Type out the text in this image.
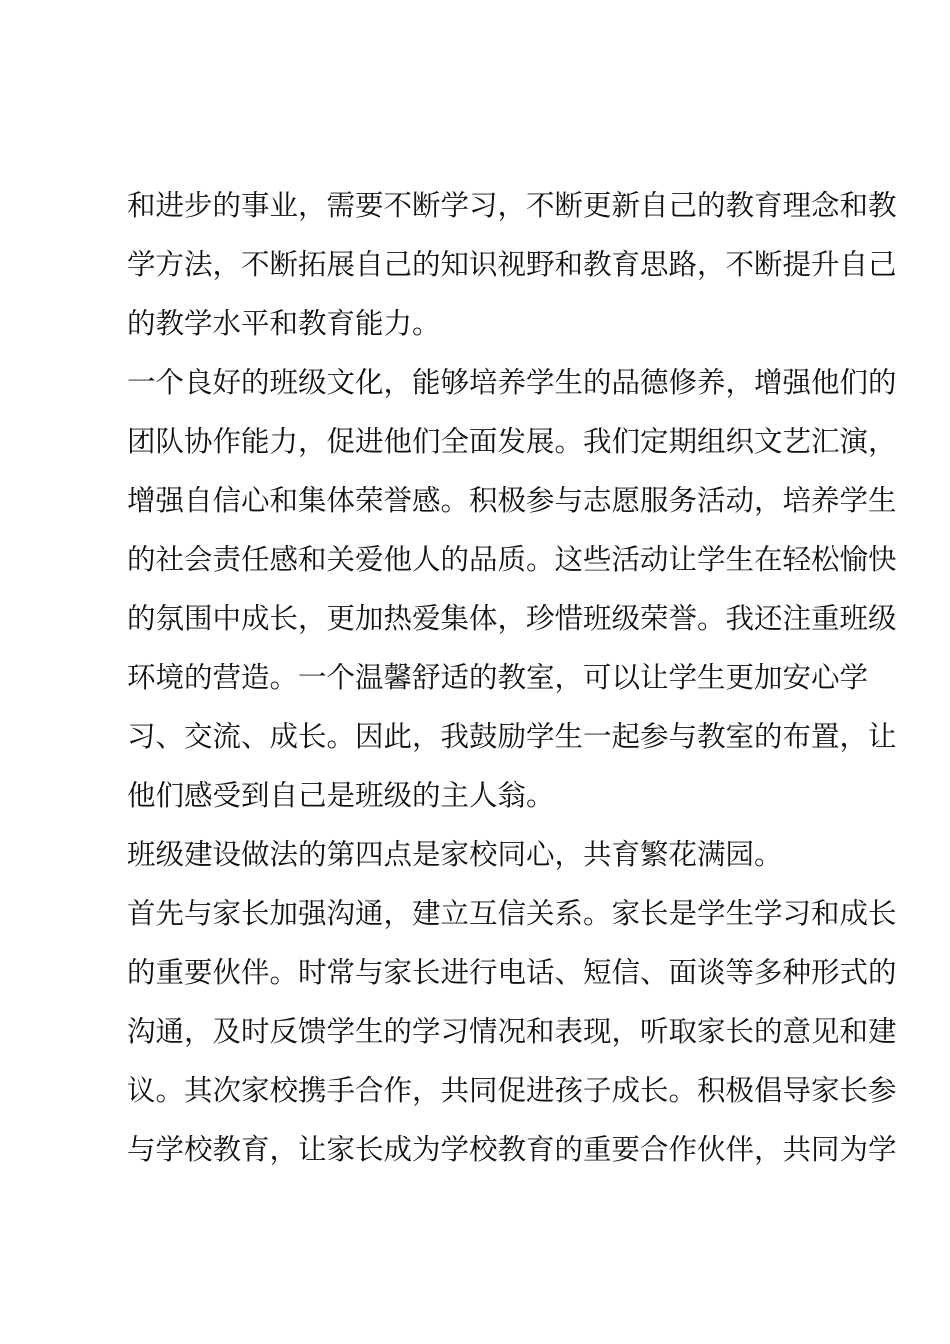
和进步的事业，需要不断学习，不断更新自己的教育理念和教
学方法，不断拓展自己的知识视野和教育思路，不断提升自己
的教学水平和教育能力。
一个良好的班级文化，能够培养学生的品德修养，增强他们的
团队协作能力，促进他们全面发展。我们定期组织文艺汇演，
增强自信心和集体荣誉感。积极参与志愿服务活动，培养学生
的社会责任感和关爱他人的品质。这些活动让学生在轻松愉快
的氛围中成长，更加热爱集体，珍惜班级荣誉。我还注重班级
环境的营造。一个温馨舒适的教室，可以让学生更加安心学
习、交流、成长。因此，我鼓励学生一起参与教室的布置，让
他们感受到自己是班级的主人翁。
班级建设做法的第四点是家校同心，共育繁花满园。
首先与家长加强沟通，建立互信关系。家长是学生学习和成长
的重要伙伴。时常与家长进行电话、短信、面谈等多种形式的
沟通，及时反馈学生的学习情况和表现，听取家长的意见和建
议。其次家校携手合作，共同促进孩子成长。积极倡导家长参
与学校教育，让家长成为学校教育的重要合作伙伴，共同为学
